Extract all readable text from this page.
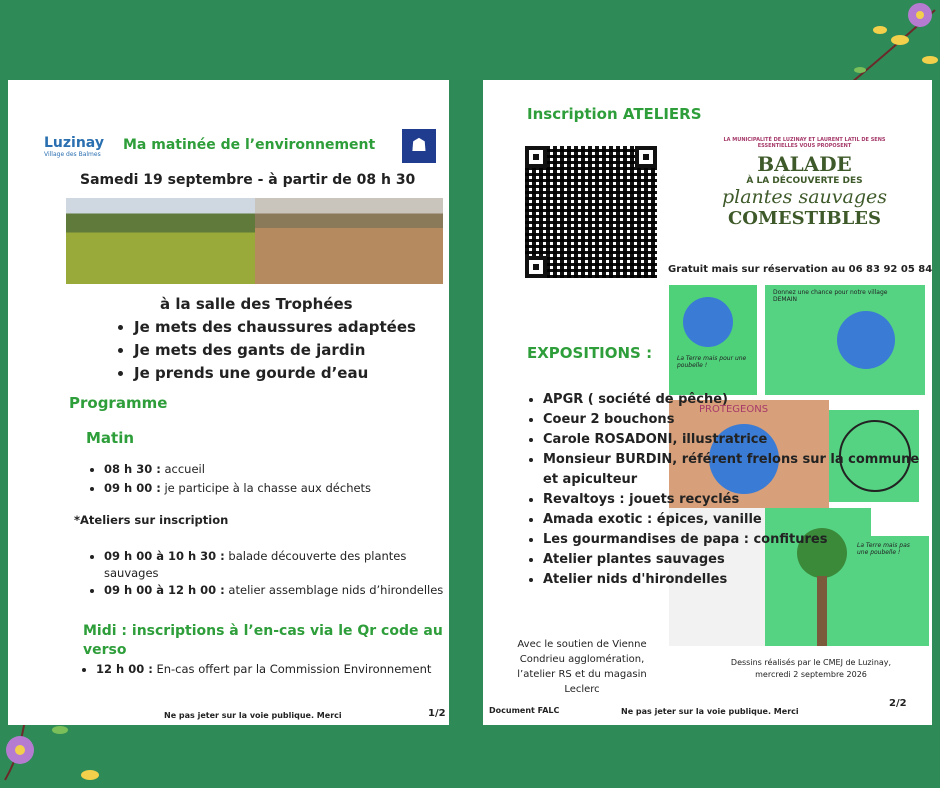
Luzinay
Village des Balmes
Ma matinée de l’environnement	☗
Samedi 19 septembre - à partir de 08 h 30
à la salle des Trophées
• Je mets des chaussures adaptées
• Je mets des gants de jardin
• Je prends une gourde d’eau
Programme
Matin
• 08 h 30 : accueil
• 09 h 00 : je participe à la chasse aux déchets
*Ateliers sur inscription
• 09 h 00 à 10 h 30 : balade découverte des plantes sauvages
• 09 h 00 à 12 h 00 : atelier assemblage nids d’hirondelles
Midi : inscriptions à l’en-cas via le Qr code au verso
• 12 h 00 : En-cas offert par la Commission Environnement
Ne pas jeter sur la voie publique. Merci	1/2
Inscription ATELIERS
LA MUNICIPALITÉ DE LUZINAY ET LAURENT LATIL DE SENS ESSENTIELLES VOUS PROPOSENT
BALADE
À LA DÉCOUVERTE DES
plantes sauvages
COMESTIBLES
Gratuit mais sur réservation au 06 83 92 05 84
La Terre mais pour une poubelle !
Donnez une chance pour notre village DEMAIN
PROTEGEONS
La Terre mais pas une poubelle !
EXPOSITIONS :
• APGR ( société de pêche)
• Coeur 2 bouchons
• Carole ROSADONI, illustratrice
• Monsieur BURDIN, référent frelons sur la commune et apiculteur
• Revaltoys : jouets recyclés
• Amada exotic : épices, vanille
• Les gourmandises de papa : confitures
• Atelier plantes sauvages
• Atelier nids d'hirondelles
Avec le soutien de Vienne Condrieu agglomération, l’atelier RS et du magasin Leclerc
Dessins réalisés par le CMEJ de Luzinay, mercredi 2 septembre 2026
Document FALC	Ne pas jeter sur la voie publique. Merci
2/2
